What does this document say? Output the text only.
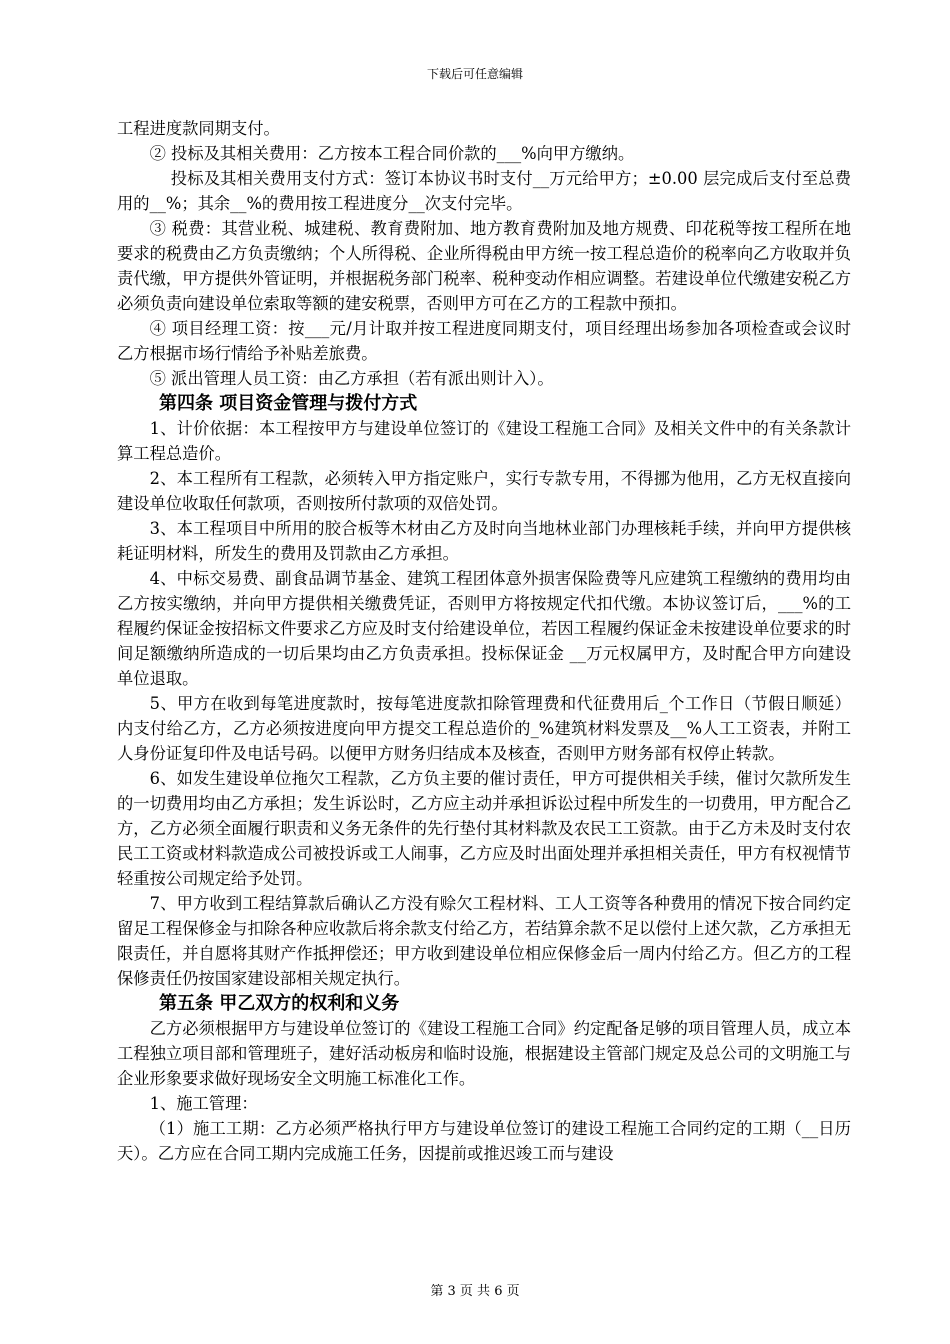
下载后可任意编辑

工程进度款同期支付。

② 投标及其相关费用：乙方按本工程合同价款的___%向甲方缴纳。

投标及其相关费用支付方式：签订本协议书时支付__万元给甲方；±0.00 层完成后支付至总费用的__%；其余__%的费用按工程进度分__次支付完毕。

③ 税费：其营业税、城建税、教育费附加、地方教育费附加及地方规费、印花税等按工程所在地要求的税费由乙方负责缴纳；个人所得税、企业所得税由甲方统一按工程总造价的税率向乙方收取并负责代缴，甲方提供外管证明，并根据税务部门税率、税种变动作相应调整。若建设单位代缴建安税乙方必须负责向建设单位索取等额的建安税票，否则甲方可在乙方的工程款中预扣。

④ 项目经理工资：按___元/月计取并按工程进度同期支付，项目经理出场参加各项检查或会议时乙方根据市场行情给予补贴差旅费。

⑤ 派出管理人员工资：由乙方承担（若有派出则计入）。

第四条 项目资金管理与拨付方式

1、计价依据：本工程按甲方与建设单位签订的《建设工程施工合同》及相关文件中的有关条款计算工程总造价。

2、本工程所有工程款，必须转入甲方指定账户，实行专款专用，不得挪为他用，乙方无权直接向建设单位收取任何款项，否则按所付款项的双倍处罚。

3、本工程项目中所用的胶合板等木材由乙方及时向当地林业部门办理核耗手续，并向甲方提供核耗证明材料，所发生的费用及罚款由乙方承担。

4、中标交易费、副食品调节基金、建筑工程团体意外损害保险费等凡应建筑工程缴纳的费用均由乙方按实缴纳，并向甲方提供相关缴费凭证，否则甲方将按规定代扣代缴。本协议签订后，___%的工程履约保证金按招标文件要求乙方应及时支付给建设单位，若因工程履约保证金未按建设单位要求的时间足额缴纳所造成的一切后果均由乙方负责承担。投标保证金 __万元权属甲方，及时配合甲方向建设单位退取。

5、甲方在收到每笔进度款时，按每笔进度款扣除管理费和代征费用后_个工作日（节假日顺延）内支付给乙方，乙方必须按进度向甲方提交工程总造价的_%建筑材料发票及__%人工工资表，并附工人身份证复印件及电话号码。以便甲方财务归结成本及核查，否则甲方财务部有权停止转款。

6、如发生建设单位拖欠工程款，乙方负主要的催讨责任，甲方可提供相关手续，催讨欠款所发生的一切费用均由乙方承担；发生诉讼时，乙方应主动并承担诉讼过程中所发生的一切费用，甲方配合乙方，乙方必须全面履行职责和义务无条件的先行垫付其材料款及农民工工资款。由于乙方未及时支付农民工工资或材料款造成公司被投诉或工人闹事，乙方应及时出面处理并承担相关责任，甲方有权视情节轻重按公司规定给予处罚。

7、甲方收到工程结算款后确认乙方没有赊欠工程材料、工人工资等各种费用的情况下按合同约定留足工程保修金与扣除各种应收款后将余款支付给乙方，若结算余款不足以偿付上述欠款，乙方承担无限责任，并自愿将其财产作抵押偿还；甲方收到建设单位相应保修金后一周内付给乙方。但乙方的工程保修责任仍按国家建设部相关规定执行。

第五条 甲乙双方的权利和义务

乙方必须根据甲方与建设单位签订的《建设工程施工合同》约定配备足够的项目管理人员，成立本工程独立项目部和管理班子，建好活动板房和临时设施，根据建设主管部门规定及总公司的文明施工与企业形象要求做好现场安全文明施工标准化工作。

1、施工管理：

（1）施工工期：乙方必须严格执行甲方与建设单位签订的建设工程施工合同约定的工期（__日历天）。乙方应在合同工期内完成施工任务，因提前或推迟竣工而与建设

第 3 页 共 6 页
